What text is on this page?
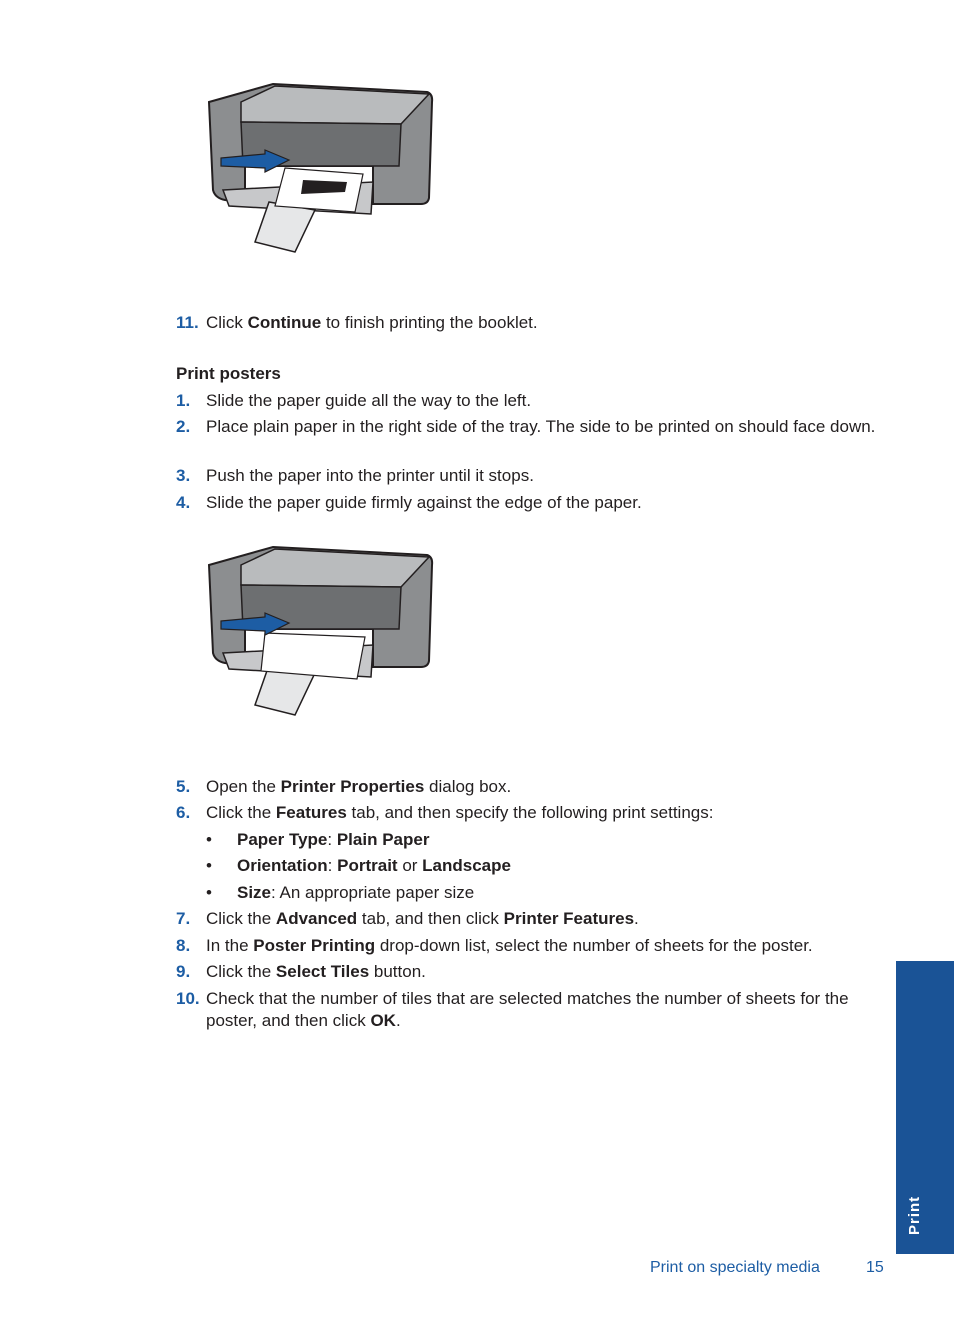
11. Click Continue to finish printing the booklet.
Print posters
1. Slide the paper guide all the way to the left.
2. Place plain paper in the right side of the tray. The side to be printed on should face down.
3. Push the paper into the printer until it stops.
4. Slide the paper guide firmly against the edge of the paper.
5. Open the Printer Properties dialog box.
6. Click the Features tab, and then specify the following print settings:
• Paper Type: Plain Paper
• Orientation: Portrait or Landscape
• Size: An appropriate paper size
7. Click the Advanced tab, and then click Printer Features.
8. In the Poster Printing drop-down list, select the number of sheets for the poster.
9. Click the Select Tiles button.
10. Check that the number of tiles that are selected matches the number of sheets for the poster, and then click OK.
Print
Print on specialty media	15
